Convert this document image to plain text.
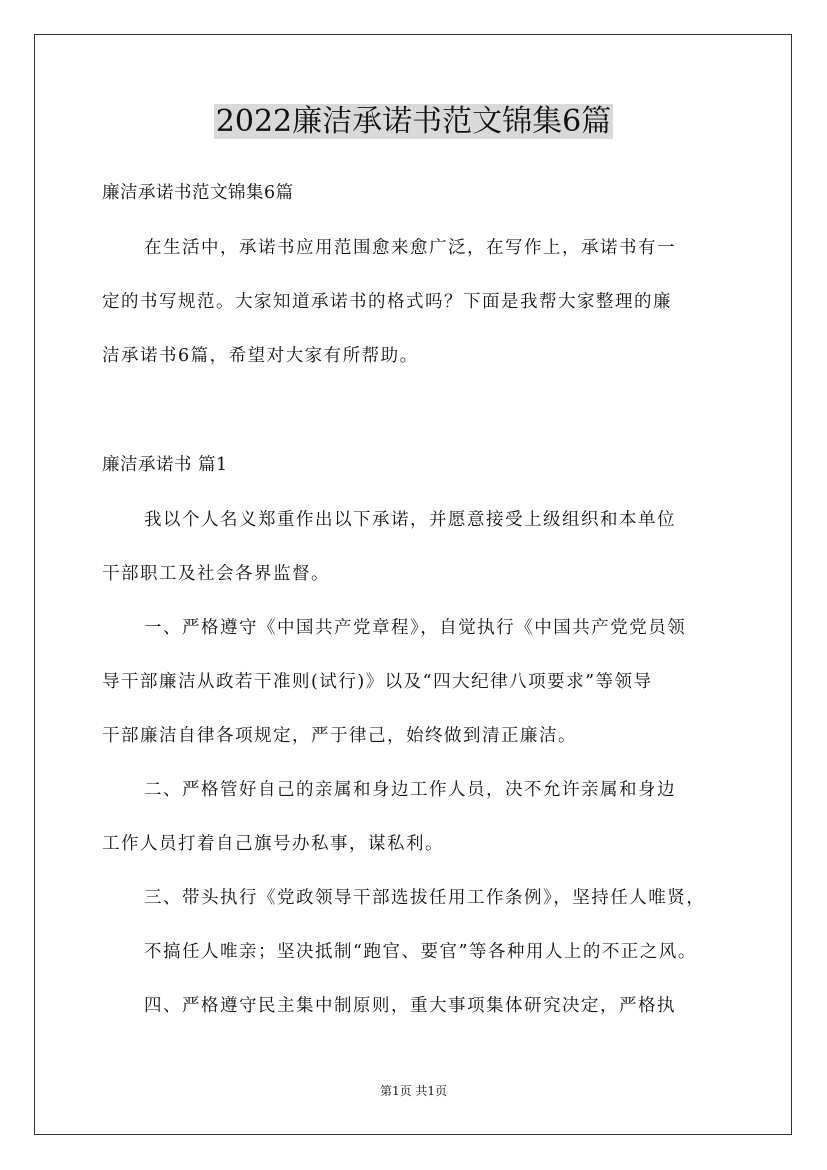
2022廉洁承诺书范文锦集6篇
廉洁承诺书范文锦集6篇
在生活中，承诺书应用范围愈来愈广泛，在写作上，承诺书有一
定的书写规范。大家知道承诺书的格式吗？下面是我帮大家整理的廉
洁承诺书6篇，希望对大家有所帮助。
廉洁承诺书 篇1
我以个人名义郑重作出以下承诺，并愿意接受上级组织和本单位
干部职工及社会各界监督。
一、严格遵守《中国共产党章程》，自觉执行《中国共产党党员领
导干部廉洁从政若干准则(试行)》以及“四大纪律八项要求”等领导
干部廉洁自律各项规定，严于律己，始终做到清正廉洁。
二、严格管好自己的亲属和身边工作人员，决不允许亲属和身边
工作人员打着自己旗号办私事，谋私利。
三、带头执行《党政领导干部选拔任用工作条例》，坚持任人唯贤，
不搞任人唯亲；坚决抵制“跑官、要官”等各种用人上的不正之风。
四、严格遵守民主集中制原则，重大事项集体研究决定，严格执
第1页 共1页
